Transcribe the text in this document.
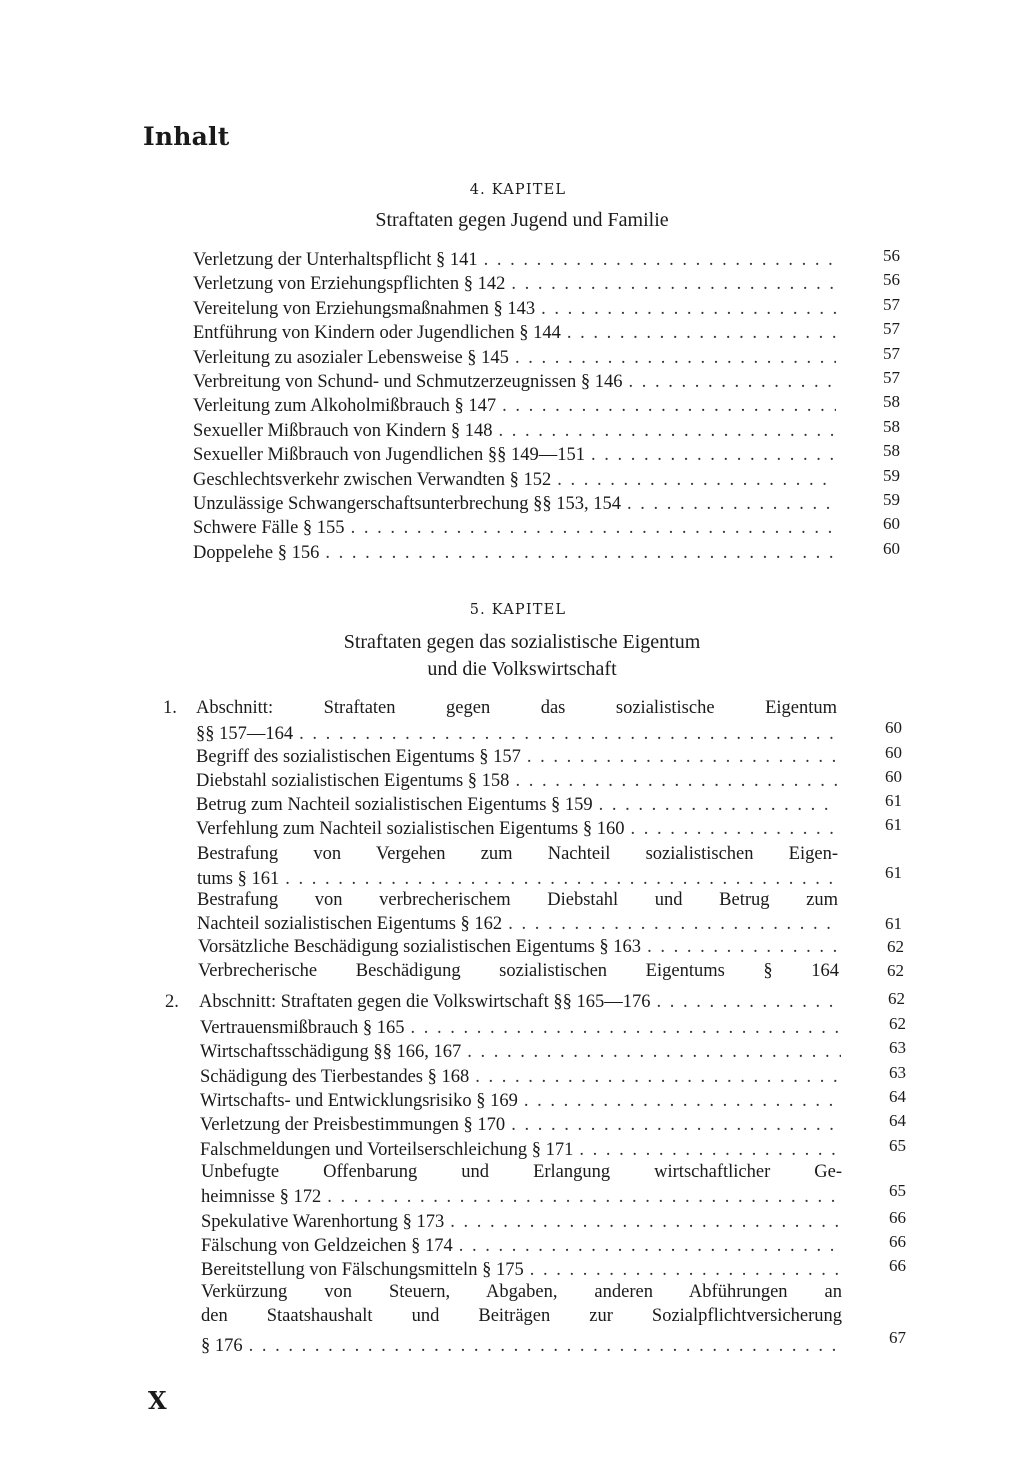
Inhalt
4. KAPITEL
Straftaten gegen Jugend und Familie
Verletzung der Unterhaltspflicht § 141 . . .	56
Verletzung von Erziehungspflichten § 142 . . .	56
Vereitelung von Erziehungsmaßnahmen § 143 . . .	57
Entführung von Kindern oder Jugendlichen § 144 . . .	57
Verleitung zu asozialer Lebensweise § 145 . . .	57
Verbreitung von Schund- und Schmutzerzeugnissen § 146 . . .	57
Verleitung zum Alkoholmißbrauch § 147 . . .	58
Sexueller Mißbrauch von Kindern § 148 . . .	58
Sexueller Mißbrauch von Jugendlichen §§ 149—151 . . .	58
Geschlechtsverkehr zwischen Verwandten § 152 . . .	59
Unzulässige Schwangerschaftsunterbrechung §§ 153, 154 . . .	59
Schwere Fälle § 155 . . .	60
Doppelehe § 156 . . .	60
5. KAPITEL
Straftaten gegen das sozialistische Eigentum
und die Volkswirtschaft
1. Abschnitt: Straftaten gegen das sozialistische Eigentum
§§ 157—164 . . .	60
Begriff des sozialistischen Eigentums § 157 . . .	60
Diebstahl sozialistischen Eigentums § 158 . . .	60
Betrug zum Nachteil sozialistischen Eigentums § 159 . . .	61
Verfehlung zum Nachteil sozialistischen Eigentums § 160 . . .	61
Bestrafung von Vergehen zum Nachteil sozialistischen Eigen-
tums § 161 . . .	61
Bestrafung von verbrecherischem Diebstahl und Betrug zum
Nachteil sozialistischen Eigentums § 162 . . .	61
Vorsätzliche Beschädigung sozialistischen Eigentums § 163 . . .	62
Verbrecherische Beschädigung sozialistischen Eigentums § 164	62
2. Abschnitt: Straftaten gegen die Volkswirtschaft §§ 165—176 . . .	62
Vertrauensmißbrauch § 165 . . .	62
Wirtschaftsschädigung §§ 166, 167 . . .	63
Schädigung des Tierbestandes § 168 . . .	63
Wirtschafts- und Entwicklungsrisiko § 169 . . .	64
Verletzung der Preisbestimmungen § 170 . . .	64
Falschmeldungen und Vorteilserschleichung § 171 . . .	65
Unbefugte Offenbarung und Erlangung wirtschaftlicher Ge-
heimnisse § 172 . . .	65
Spekulative Warenhortung § 173 . . .	66
Fälschung von Geldzeichen § 174 . . .	66
Bereitstellung von Fälschungsmitteln § 175 . . .	66
Verkürzung von Steuern, Abgaben, anderen Abführungen an
den Staatshaushalt und Beiträgen zur Sozialpflichtversicherung
§ 176 . . .	67
X
